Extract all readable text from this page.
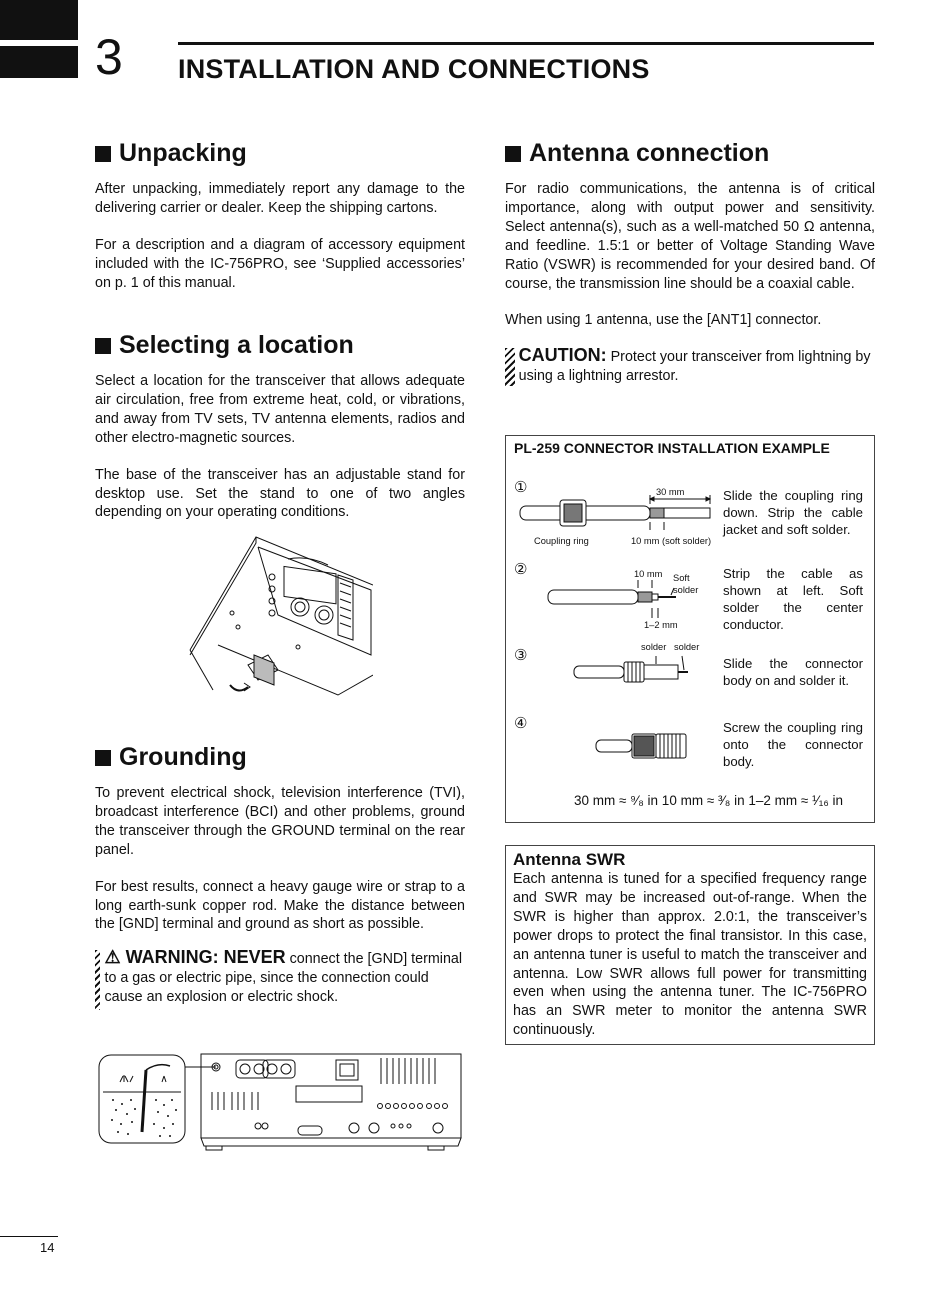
3 INSTALLATION AND CONNECTIONS
Unpacking

After unpacking, immediately report any damage to the delivering carrier or dealer. Keep the shipping cartons.

For a description and a diagram of accessory equipment included with the IC-756PRO, see ‘Supplied accessories’ on p. 1 of this manual.

Selecting a location

Select a location for the transceiver that allows adequate air circulation, free from extreme heat, cold, or vibrations, and away from TV sets, TV antenna elements, radios and other electro-magnetic sources.

The base of the transceiver has an adjustable stand for desktop use. Set the stand to one of two angles depending on your operating conditions.

Grounding

To prevent electrical shock, television interference (TVI), broadcast interference (BCI) and other problems, ground the transceiver through the GROUND terminal on the rear panel.

For best results, connect a heavy gauge wire or strap to a long earth-sunk copper rod. Make the distance between the [GND] terminal and ground as short as possible.

⚠ WARNING: NEVER connect the [GND] terminal to a gas or electric pipe, since the connection could cause an explosion or electric shock.

Antenna connection

For radio communications, the antenna is of critical importance, along with output power and sensitivity. Select antenna(s), such as a well-matched 50 Ω antenna, and feedline. 1.5:1 or better of Voltage Standing Wave Ratio (VSWR) is recommended for your desired band. Of course, the transmission line should be a coaxial cable.

When using 1 antenna, use the [ANT1] connector.

CAUTION: Protect your transceiver from lightning by using a lightning arrestor.

PL-259 CONNECTOR INSTALLATION EXAMPLE
①
②
③
④
Slide the coupling ring down. Strip the cable jacket and soft solder.
Strip the cable as shown at left. Soft solder the center conductor.
Slide the connector body on and solder it.
Screw the coupling ring onto the connector body.
30 mm
Coupling ring	10 mm (soft solder)
10 mm Soft
solder
1–2 mm
solder solder
30 mm ≈ ⁹⁄₈ in 10 mm ≈ ³⁄₈ in 1–2 mm ≈ ¹⁄₁₆ in
Antenna SWR

Each antenna is tuned for a specified frequency range and SWR may be increased out-of-range. When the SWR is higher than approx. 2.0:1, the transceiver’s power drops to protect the final transistor. In this case, an antenna tuner is useful to match the transceiver and antenna. Low SWR allows full power for transmitting even when using the antenna tuner. The IC-756PRO has an SWR meter to monitor the antenna SWR continuously.

14
